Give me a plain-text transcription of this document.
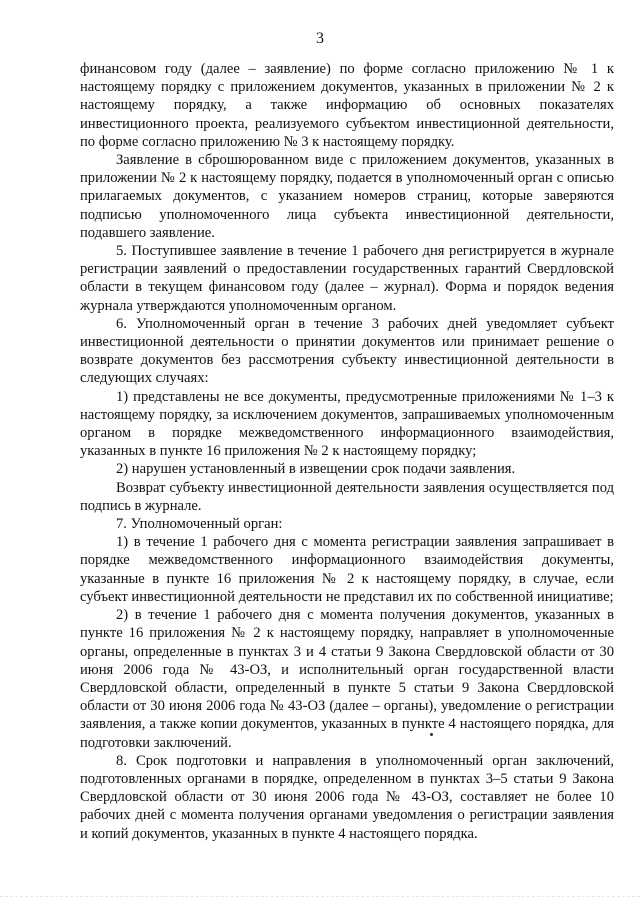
3

финансовом году (далее – заявление) по форме согласно приложению № 1 к настоящему порядку с приложением документов, указанных в приложении № 2 к настоящему порядку, а также информацию об основных показателях инвестиционного проекта, реализуемого субъектом инвестиционной деятельности, по форме согласно приложению № 3 к настоящему порядку.

Заявление в сброшюрованном виде с приложением документов, указанных в приложении № 2 к настоящему порядку, подается в уполномоченный орган с описью прилагаемых документов, с указанием номеров страниц, которые заверяются подписью уполномоченного лица субъекта инвестиционной деятельности, подавшего заявление.

5. Поступившее заявление в течение 1 рабочего дня регистрируется в журнале регистрации заявлений о предоставлении государственных гарантий Свердловской области в текущем финансовом году (далее – журнал). Форма и порядок ведения журнала утверждаются уполномоченным органом.

6. Уполномоченный орган в течение 3 рабочих дней уведомляет субъект инвестиционной деятельности о принятии документов или принимает решение о возврате документов без рассмотрения субъекту инвестиционной деятельности в следующих случаях:

1) представлены не все документы, предусмотренные приложениями № 1–3 к настоящему порядку, за исключением документов, запрашиваемых уполномоченным органом в порядке межведомственного информационного взаимодействия, указанных в пункте 16 приложения № 2 к настоящему порядку;

2) нарушен установленный в извещении срок подачи заявления.

Возврат субъекту инвестиционной деятельности заявления осуществляется под подпись в журнале.

7. Уполномоченный орган:

1) в течение 1 рабочего дня с момента регистрации заявления запрашивает в порядке межведомственного информационного взаимодействия документы, указанные в пункте 16 приложения № 2 к настоящему порядку, в случае, если субъект инвестиционной деятельности не представил их по собственной инициативе;

2) в течение 1 рабочего дня с момента получения документов, указанных в пункте 16 приложения № 2 к настоящему порядку, направляет в уполномоченные органы, определенные в пунктах 3 и 4 статьи 9 Закона Свердловской области от 30 июня 2006 года № 43-ОЗ, и исполнительный орган государственной власти Свердловской области, определенный в пункте 5 статьи 9 Закона Свердловской области от 30 июня 2006 года № 43-ОЗ (далее – органы), уведомление о регистрации заявления, а также копии документов, указанных в пункте 4 настоящего порядка, для подготовки заключений.

8. Срок подготовки и направления в уполномоченный орган заключений, подготовленных органами в порядке, определенном в пунктах 3–5 статьи 9 Закона Свердловской области от 30 июня 2006 года № 43-ОЗ, составляет не более 10 рабочих дней с момента получения органами уведомления о регистрации заявления и копий документов, указанных в пункте 4 настоящего порядка.
